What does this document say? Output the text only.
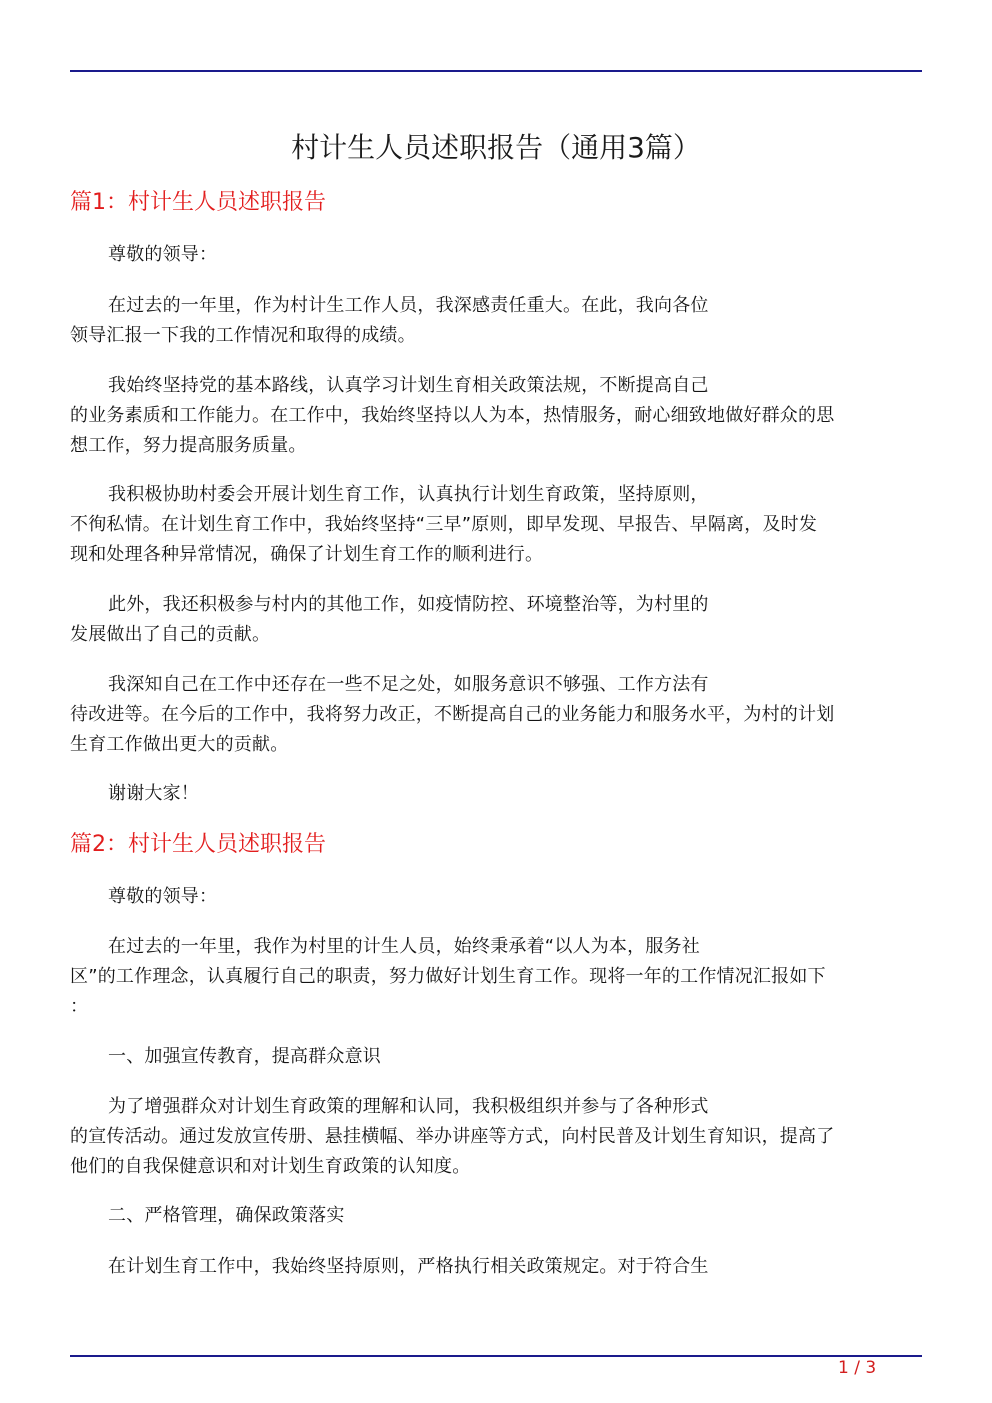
村计生人员述职报告（通用3篇）
篇1：村计生人员述职报告
尊敬的领导：
在过去的一年里，作为村计生工作人员，我深感责任重大。在此，我向各位
领导汇报一下我的工作情况和取得的成绩。
我始终坚持党的基本路线，认真学习计划生育相关政策法规，不断提高自己
的业务素质和工作能力。在工作中，我始终坚持以人为本，热情服务，耐心细致地做好群众的思
想工作，努力提高服务质量。
我积极协助村委会开展计划生育工作，认真执行计划生育政策，坚持原则，
不徇私情。在计划生育工作中，我始终坚持“三早”原则，即早发现、早报告、早隔离，及时发
现和处理各种异常情况，确保了计划生育工作的顺利进行。
此外，我还积极参与村内的其他工作，如疫情防控、环境整治等，为村里的
发展做出了自己的贡献。
我深知自己在工作中还存在一些不足之处，如服务意识不够强、工作方法有
待改进等。在今后的工作中，我将努力改正，不断提高自己的业务能力和服务水平，为村的计划
生育工作做出更大的贡献。
谢谢大家！
篇2：村计生人员述职报告
尊敬的领导：
在过去的一年里，我作为村里的计生人员，始终秉承着“以人为本，服务社
区”的工作理念，认真履行自己的职责，努力做好计划生育工作。现将一年的工作情况汇报如下
：
一、加强宣传教育，提高群众意识
为了增强群众对计划生育政策的理解和认同，我积极组织并参与了各种形式
的宣传活动。通过发放宣传册、悬挂横幅、举办讲座等方式，向村民普及计划生育知识，提高了
他们的自我保健意识和对计划生育政策的认知度。
二、严格管理，确保政策落实
在计划生育工作中，我始终坚持原则，严格执行相关政策规定。对于符合生
1 / 3
